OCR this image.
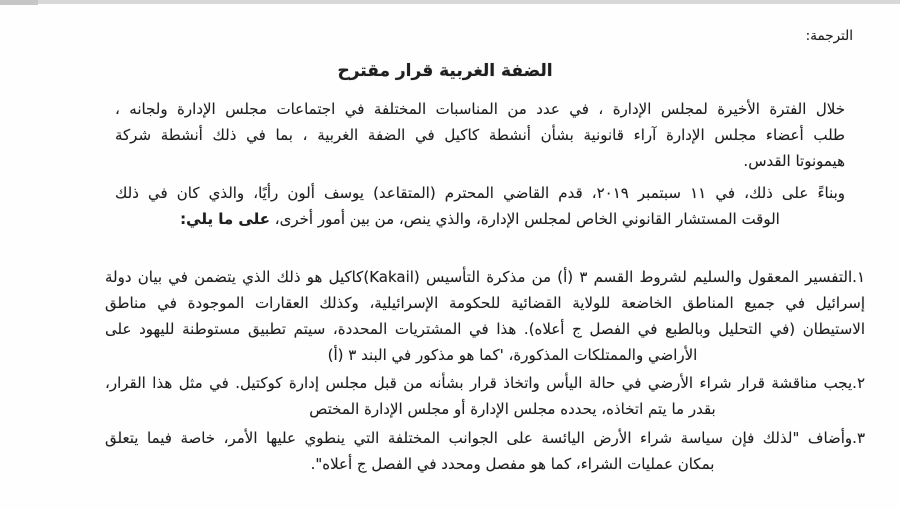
الترجمة:
الضفة الغربية قرار مقترح
خلال الفترة الأخيرة لمجلس الإدارة ، في عدد من المناسبات المختلفة في اجتماعات مجلس الإدارة ولجانه ،
طلب أعضاء مجلس الإدارة آراء قانونية بشأن أنشطة كاكيل في الضفة الغربية ، بما في ذلك أنشطة شركة
هيمونوتا القدس.
وبناءً على ذلك، في ١١ سبتمبر ٢٠١٩، قدم القاضي المحترم (المتقاعد) يوسف ألون رأيًا، والذي كان في ذلك
الوقت المستشار القانوني الخاص لمجلس الإدارة، والذي ينص، من بين أمور أخرى، على ما يلي:
١.التفسير المعقول والسليم لشروط القسم ٣ (أ) من مذكرة التأسيس (Kakail)كاكيل هو ذلك الذي يتضمن في بيان دولة
إسرائيل في جميع المناطق الخاضعة للولاية القضائية للحكومة الإسرائيلية، وكذلك العقارات الموجودة في مناطق
الاستيطان (في التحليل وبالطبع في الفصل ج أعلاه). هذا في المشتريات المحددة، سيتم تطبيق مستوطنة لليهود على
الأراضي والممتلكات المذكورة، 'كما هو مذكور في البند ٣ (أ)
٢.يجب مناقشة قرار شراء الأرضي في حالة اليأس واتخاذ قرار بشأنه من قبل مجلس إدارة كوكتيل. في مثل هذا القرار،
بقدر ما يتم اتخاذه، يحدده مجلس الإدارة أو مجلس الإدارة المختص
٣.وأضاف "لذلك فإن سياسة شراء الأرض اليائسة على الجوانب المختلفة التي ينطوي عليها الأمر، خاصة فيما يتعلق
بمكان عمليات الشراء، كما هو مفصل ومحدد في الفصل ج أعلاه".
